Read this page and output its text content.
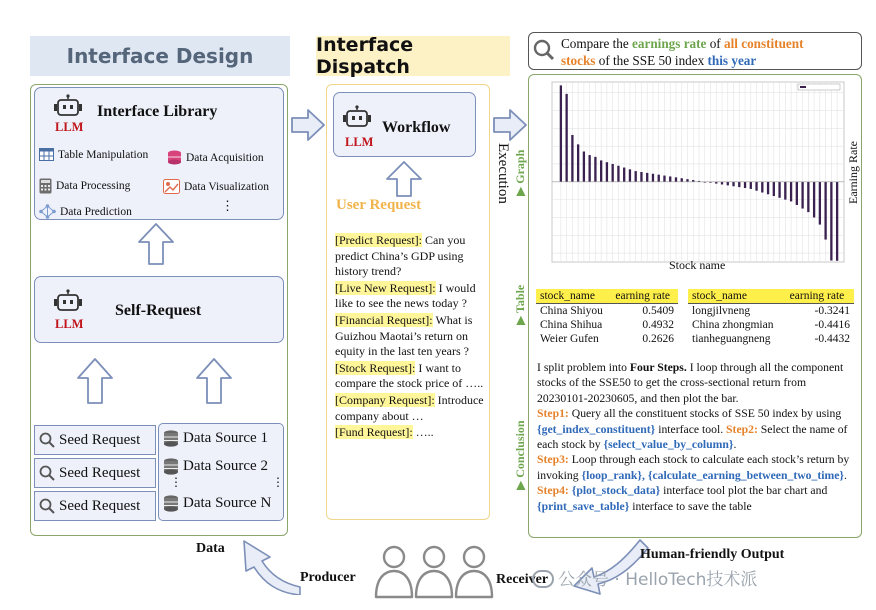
Interface Design
LLM
Interface Library
Table Manipulation	Data Acquisition
Data Processing	Data Visualization
Data Prediction	⋮
LLM
Self-Request
Seed Request
Seed Request
Seed Request
Data Source 1
Data Source 2
⋮	⋮
Data Source N
Interface Dispatch
LLM
Workflow
User Request
[Predict Request]: Can you predict China’s GDP using history trend?
[Live New Request]: I would like to see the news today ?
[Financial Request]: What is Guizhou Maotai’s return on equity in the last ten years ?
[Stock Request]: I want to compare the stock price of …..
[Company Request]: Introduce company about …
[Fund Request]: …..
Execution
Compare the earnings rate of all constituent
stocks of the SSE 50 index this year
▶ Graph
▶ Table
▶ Conclusion
Stock name
Earning Rate
stock_name	earning rate
China Shiyou	0.5409
China Shihua	0.4932
Weier Gufen	0.2626
stock_name	earning rate
longjilvneng	-0.3241
China zhongmian	-0.4416
tianheguangneng	-0.4432
I split problem into Four Steps. I loop through all the component stocks of the SSE50 to get the cross-sectional return from 20230101-20230605, and then plot the bar.
Step1: Query all the constituent stocks of SSE 50 index by using {get_index_constituent} interface tool. Step2: Select the name of each stock by {select_value_by_column}.
Step3: Loop through each stock to calculate each stock’s return by invoking {loop_rank}, {calculate_earning_between_two_time}. Step4: {plot_stock_data} interface tool plot the bar chart and {print_save_table} interface to save the table
Human-friendly Output
Data
Producer	Receiver 公众号 · HelloTech技术派
